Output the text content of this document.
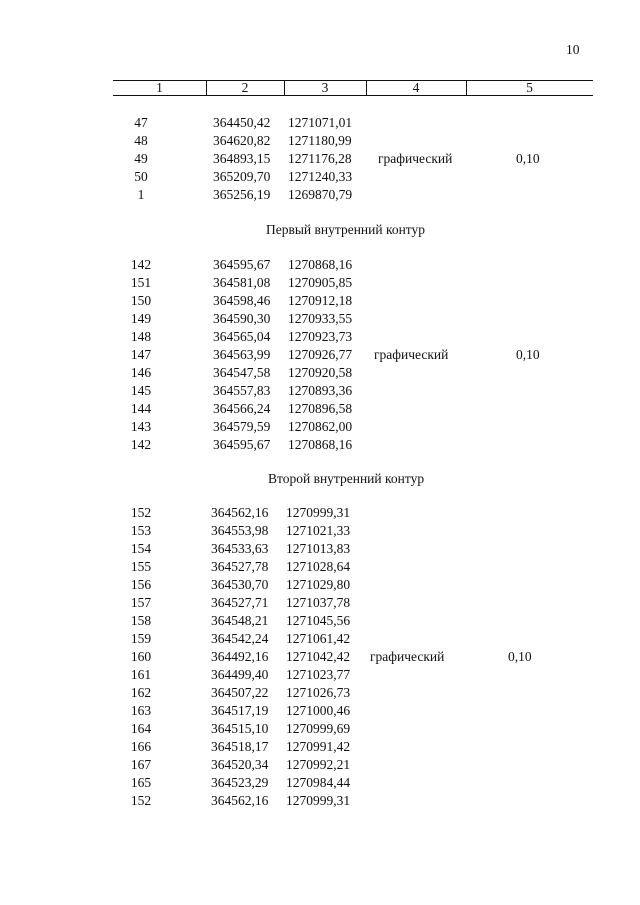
10
1	2	3	4	5
47	364450,42 1271071,01
48	364620,82 1271180,99
49	364893,15 1271176,28 графический	0,10
50	365209,70 1271240,33
1	365256,19 1269870,79
Первый внутренний контур
142	364595,67 1270868,16
151	364581,08 1270905,85
150	364598,46 1270912,18
149	364590,30 1270933,55
148	364565,04 1270923,73
147	364563,99 1270926,77 графический	0,10
146	364547,58 1270920,58
145	364557,83 1270893,36
144	364566,24 1270896,58
143	364579,59 1270862,00
142	364595,67 1270868,16
Второй внутренний контур
152	364562,16 1270999,31
153	364553,98 1271021,33
154	364533,63 1271013,83
155	364527,78 1271028,64
156	364530,70 1271029,80
157	364527,71 1271037,78
158	364548,21 1271045,56
159	364542,24 1271061,42
160	364492,16 1271042,42 графический	0,10
161	364499,40 1271023,77
162	364507,22 1271026,73
163	364517,19 1271000,46
164	364515,10 1270999,69
166	364518,17 1270991,42
167	364520,34 1270992,21
165	364523,29 1270984,44
152	364562,16 1270999,31
